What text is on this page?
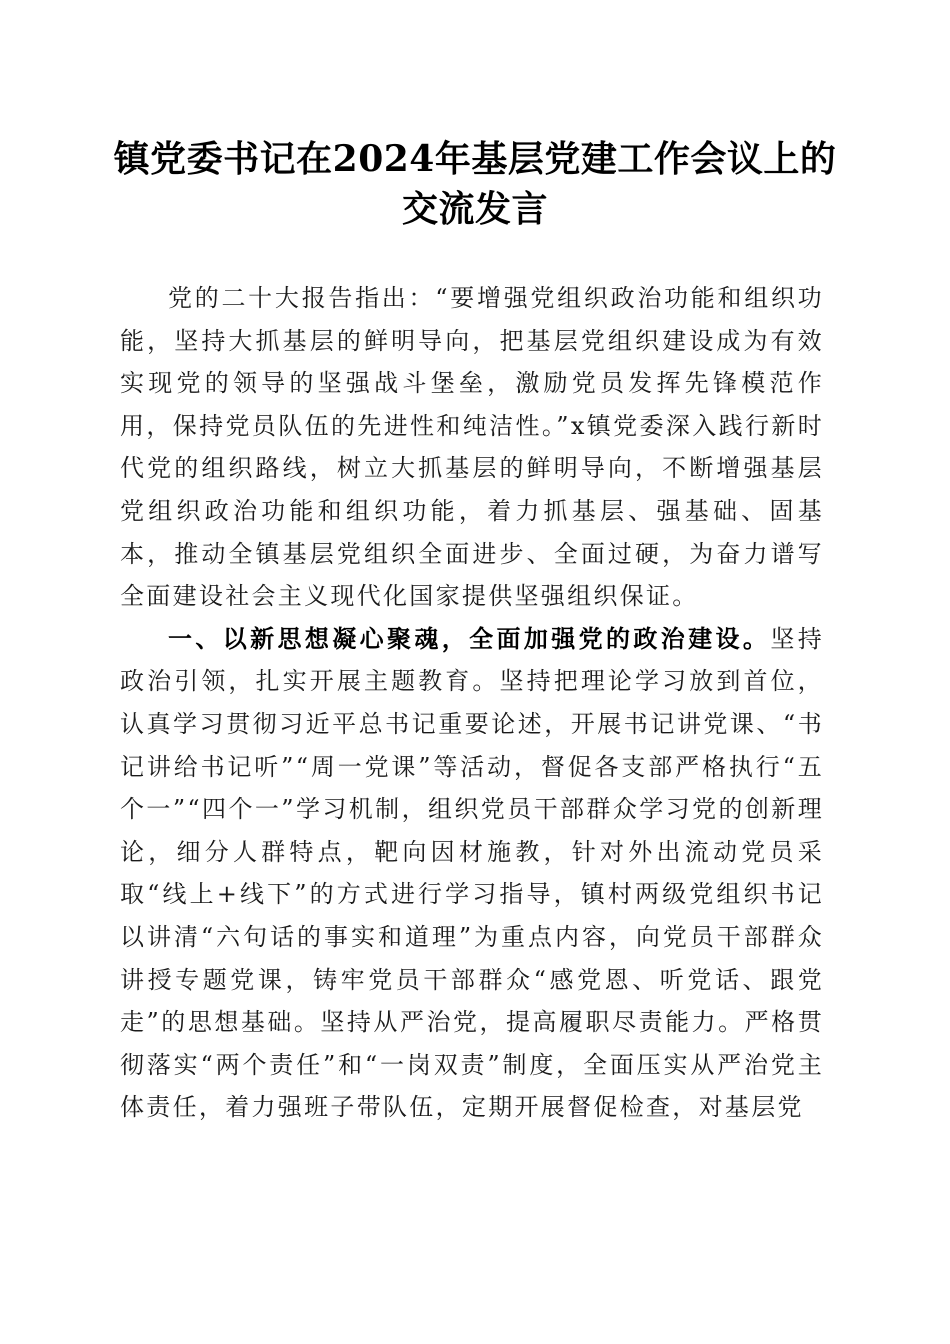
镇党委书记在2024年基层党建工作会议上的交流发言

党的二十大报告指出：“要增强党组织政治功能和组织功能，坚持大抓基层的鲜明导向，把基层党组织建设成为有效实现党的领导的坚强战斗堡垒，激励党员发挥先锋模范作用，保持党员队伍的先进性和纯洁性。”x镇党委深入践行新时代党的组织路线，树立大抓基层的鲜明导向，不断增强基层党组织政治功能和组织功能，着力抓基层、强基础、固基本，推动全镇基层党组织全面进步、全面过硬，为奋力谱写全面建设社会主义现代化国家提供坚强组织保证。

一、以新思想凝心聚魂，全面加强党的政治建设。坚持政治引领，扎实开展主题教育。坚持把理论学习放到首位，认真学习贯彻习近平总书记重要论述，开展书记讲党课、“书记讲给书记听”“周一党课”等活动，督促各支部严格执行“五个一”“四个一”学习机制，组织党员干部群众学习党的创新理论，细分人群特点，靶向因材施教，针对外出流动党员采取“线上+线下”的方式进行学习指导，镇村两级党组织书记以讲清“六句话的事实和道理”为重点内容，向党员干部群众讲授专题党课，铸牢党员干部群众“感党恩、听党话、跟党走”的思想基础。坚持从严治党，提高履职尽责能力。严格贯彻落实“两个责任”和“一岗双责”制度，全面压实从严治党主体责任，着力强班子带队伍，定期开展督促检查，对基层党
